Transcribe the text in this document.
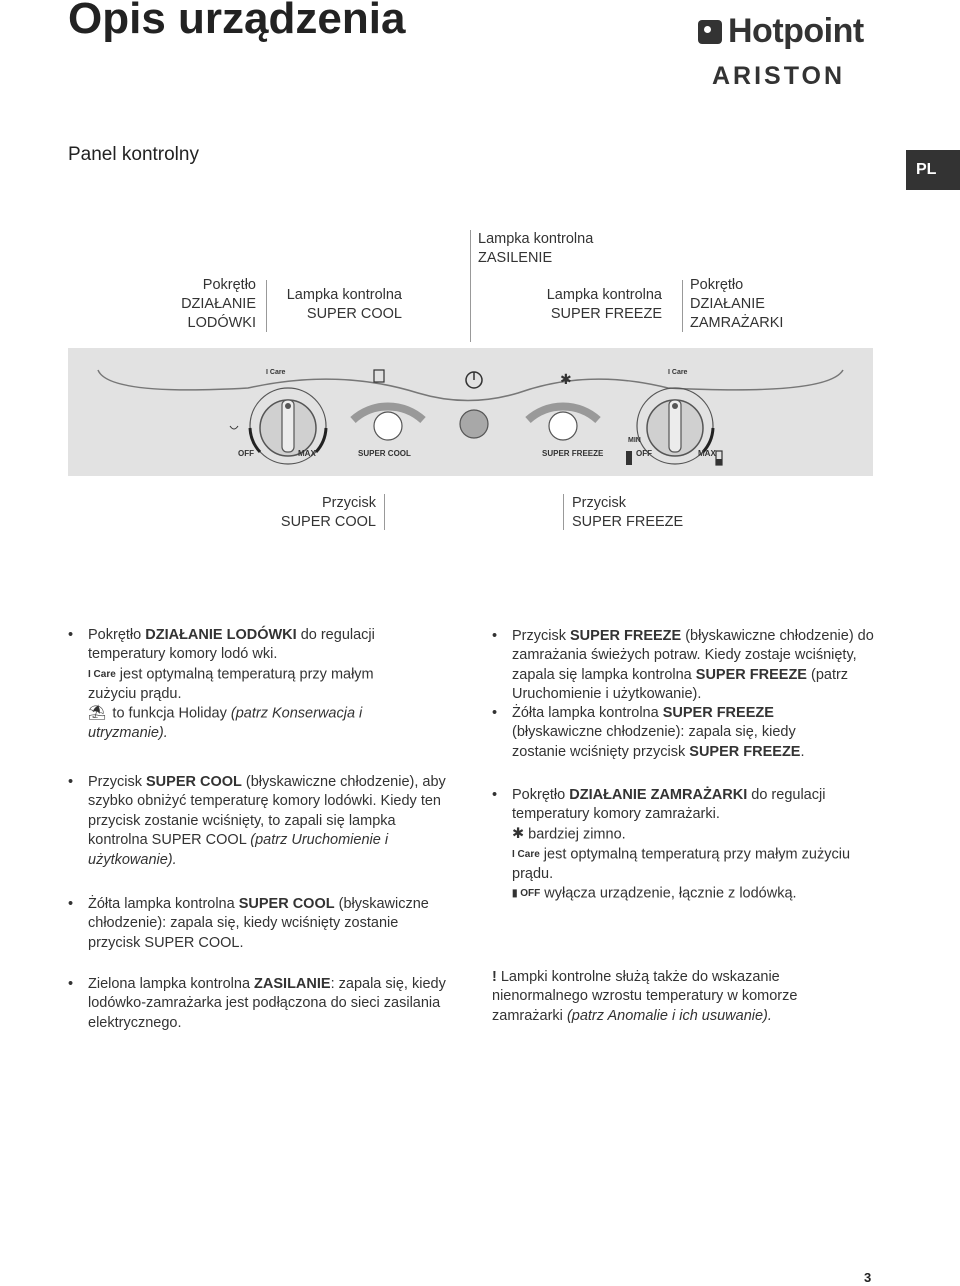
Opis urządzenia	Hotpoint
ARISTON
Panel kontrolny
PL
Pokrętło
DZIAŁANIE
LODÓWKI
Lampka kontrolna
SUPER COOL
Lampka kontrolna
ZASILENIE
Lampka kontrolna
SUPER FREEZE
Pokrętło
DZIAŁANIE
ZAMRAŻARKI
✱
I Care	I Care
OFF	MAX	SUPER COOL	SUPER FREEZE
MIN
OFF	MAX
Przycisk
SUPER COOL
Przycisk
SUPER FREEZE
• Pokrętło DZIAŁANIE LODÓWKI do regulacji temperatury komory lodó wki.

I Care jest optymalną temperaturą przy małym zużyciu prądu.

⛱ to funkcja Holiday (patrz Konserwacja i utryzmanie).

• Przycisk SUPER COOL (błyskawiczne chłodzenie), aby szybko obniżyć temperaturę komory lodówki. Kiedy ten przycisk zostanie wciśnięty, to zapali się lampka kontrolna SUPER COOL (patrz Uruchomienie i użytkowanie).

• Żółta lampka kontrolna SUPER COOL (błyskawiczne chłodzenie): zapala się, kiedy wciśnięty zostanie przycisk SUPER COOL.

• Zielona lampka kontrolna ZASILANIE: zapala się, kiedy lodówko-zamrażarka jest podłączona do sieci zasilania elektrycznego.

• Przycisk SUPER FREEZE (błyskawiczne chłodzenie) do zamrażania świeżych potraw. Kiedy zostaje wciśnięty, zapala się lampka kontrolna SUPER FREEZE (patrz Uruchomienie i użytkowanie).

• Żółta lampka kontrolna SUPER FREEZE (błyskawiczne chłodzenie): zapala się, kiedy zostanie wciśnięty przycisk SUPER FREEZE.

• Pokrętło DZIAŁANIE ZAMRAŻARKI do regulacji temperatury komory zamrażarki.

✱ bardziej zimno.

I Care jest optymalną temperaturą przy małym zużyciu prądu.

▮ OFF wyłącza urządzenie, łącznie z lodówką.

! Lampki kontrolne służą także do wskazanie nienormalnego wzrostu temperatury w komorze zamrażarki (patrz Anomalie i ich usuwanie).

3
